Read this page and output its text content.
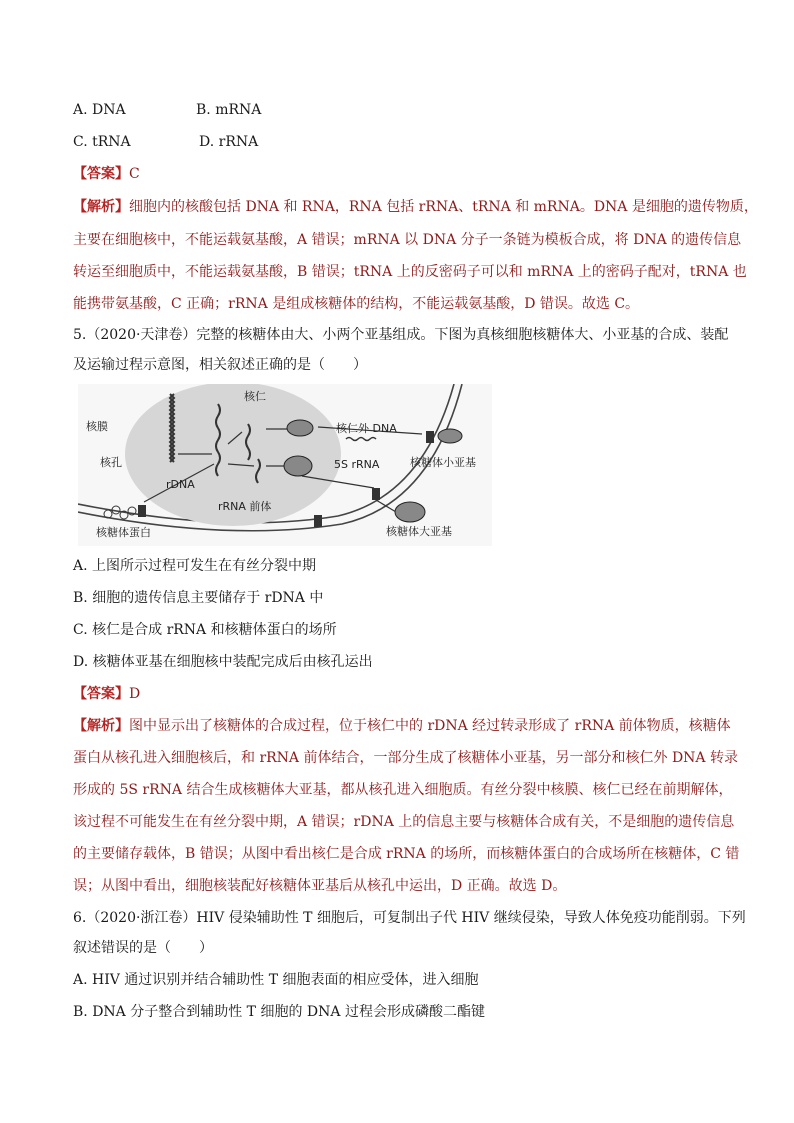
A. DNA	B. mRNA
C. tRNA	D. rRNA
【答案】C
【解析】细胞内的核酸包括 DNA 和 RNA，RNA 包括 rRNA、tRNA 和 mRNA。DNA 是细胞的遗传物质，
主要在细胞核中，不能运载氨基酸，A 错误；mRNA 以 DNA 分子一条链为模板合成，将 DNA 的遗传信息
转运至细胞质中，不能运载氨基酸，B 错误；tRNA 上的反密码子可以和 mRNA 上的密码子配对，tRNA 也
能携带氨基酸，C 正确；rRNA 是组成核糖体的结构，不能运载氨基酸，D 错误。故选 C。
5.（2020·天津卷）完整的核糖体由大、小两个亚基组成。下图为真核细胞核糖体大、小亚基的合成、装配
及运输过程示意图，相关叙述正确的是（　　）
核仁
核膜
核孔
rDNA
rRNA 前体
核仁外 DNA
5S rRNA	核糖体小亚基
核糖体大亚基
核糖体蛋白
A. 上图所示过程可发生在有丝分裂中期
B. 细胞的遗传信息主要储存于 rDNA 中
C. 核仁是合成 rRNA 和核糖体蛋白的场所
D. 核糖体亚基在细胞核中装配完成后由核孔运出
【答案】D
【解析】图中显示出了核糖体的合成过程，位于核仁中的 rDNA 经过转录形成了 rRNA 前体物质，核糖体
蛋白从核孔进入细胞核后，和 rRNA 前体结合，一部分生成了核糖体小亚基，另一部分和核仁外 DNA 转录
形成的 5S rRNA 结合生成核糖体大亚基，都从核孔进入细胞质。有丝分裂中核膜、核仁已经在前期解体，
该过程不可能发生在有丝分裂中期，A 错误；rDNA 上的信息主要与核糖体合成有关，不是细胞的遗传信息
的主要储存载体，B 错误；从图中看出核仁是合成 rRNA 的场所，而核糖体蛋白的合成场所在核糖体，C 错
误；从图中看出，细胞核装配好核糖体亚基后从核孔中运出，D 正确。故选 D。
6.（2020·浙江卷）HIV 侵染辅助性 T 细胞后，可复制出子代 HIV 继续侵染，导致人体免疫功能削弱。下列
叙述错误的是（　　）
A. HIV 通过识别并结合辅助性 T 细胞表面的相应受体，进入细胞
B. DNA 分子整合到辅助性 T 细胞的 DNA 过程会形成磷酸二酯键
